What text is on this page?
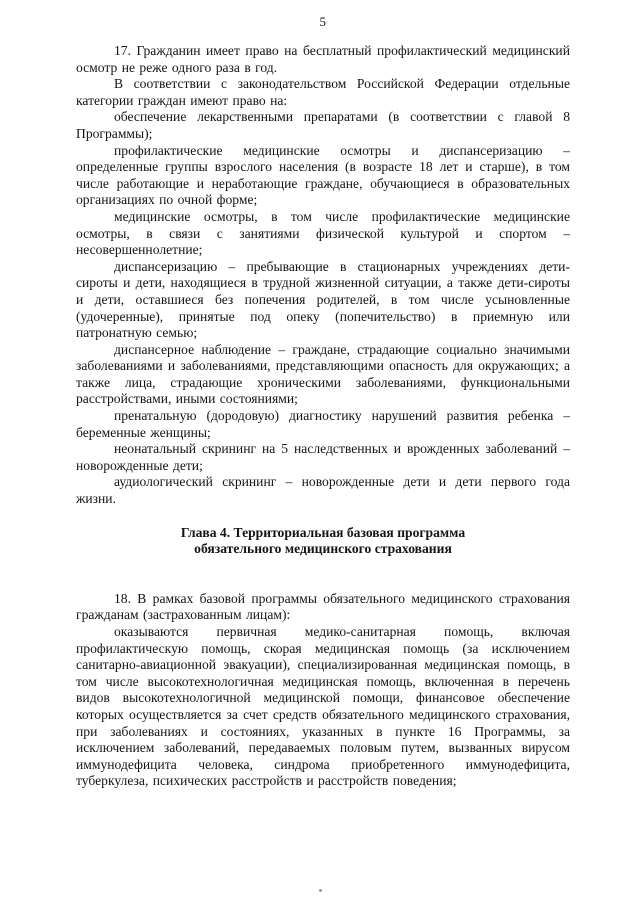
5

17. Гражданин имеет право на бесплатный профилактический медицинский осмотр не реже одного раза в год.

В соответствии с законодательством Российской Федерации отдельные категории граждан имеют право на:

обеспечение лекарственными препаратами (в соответствии с главой 8 Программы);

профилактические медицинские осмотры и диспансеризацию – определенные группы взрослого населения (в возрасте 18 лет и старше), в том числе работающие и неработающие граждане, обучающиеся в образовательных организациях по очной форме;

медицинские осмотры, в том числе профилактические медицинские осмотры, в связи с занятиями физической культурой и спортом – несовершеннолетние;

диспансеризацию – пребывающие в стационарных учреждениях дети-сироты и дети, находящиеся в трудной жизненной ситуации, а также дети-сироты и дети, оставшиеся без попечения родителей, в том числе усыновленные (удочеренные), принятые под опеку (попечительство) в приемную или патронатную семью;

диспансерное наблюдение – граждане, страдающие социально значимыми заболеваниями и заболеваниями, представляющими опасность для окружающих; а также лица, страдающие хроническими заболеваниями, функциональными расстройствами, иными состояниями;

пренатальную (дородовую) диагностику нарушений развития ребенка – беременные женщины;

неонатальный скрининг на 5 наследственных и врожденных заболеваний – новорожденные дети;

аудиологический скрининг – новорожденные дети и дети первого года жизни.

Глава 4. Территориальная базовая программа
обязательного медицинского страхования

18. В рамках базовой программы обязательного медицинского страхования гражданам (застрахованным лицам):

оказываются первичная медико-санитарная помощь, включая профилактическую помощь, скорая медицинская помощь (за исключением санитарно-авиационной эвакуации), специализированная медицинская помощь, в том числе высокотехнологичная медицинская помощь, включенная в перечень видов высокотехнологичной медицинской помощи, финансовое обеспечение которых осуществляется за счет средств обязательного медицинского страхования, при заболеваниях и состояниях, указанных в пункте 16 Программы, за исключением заболеваний, передаваемых половым путем, вызванных вирусом иммунодефицита человека, синдрома приобретенного иммунодефицита, туберкулеза, психических расстройств и расстройств поведения;
